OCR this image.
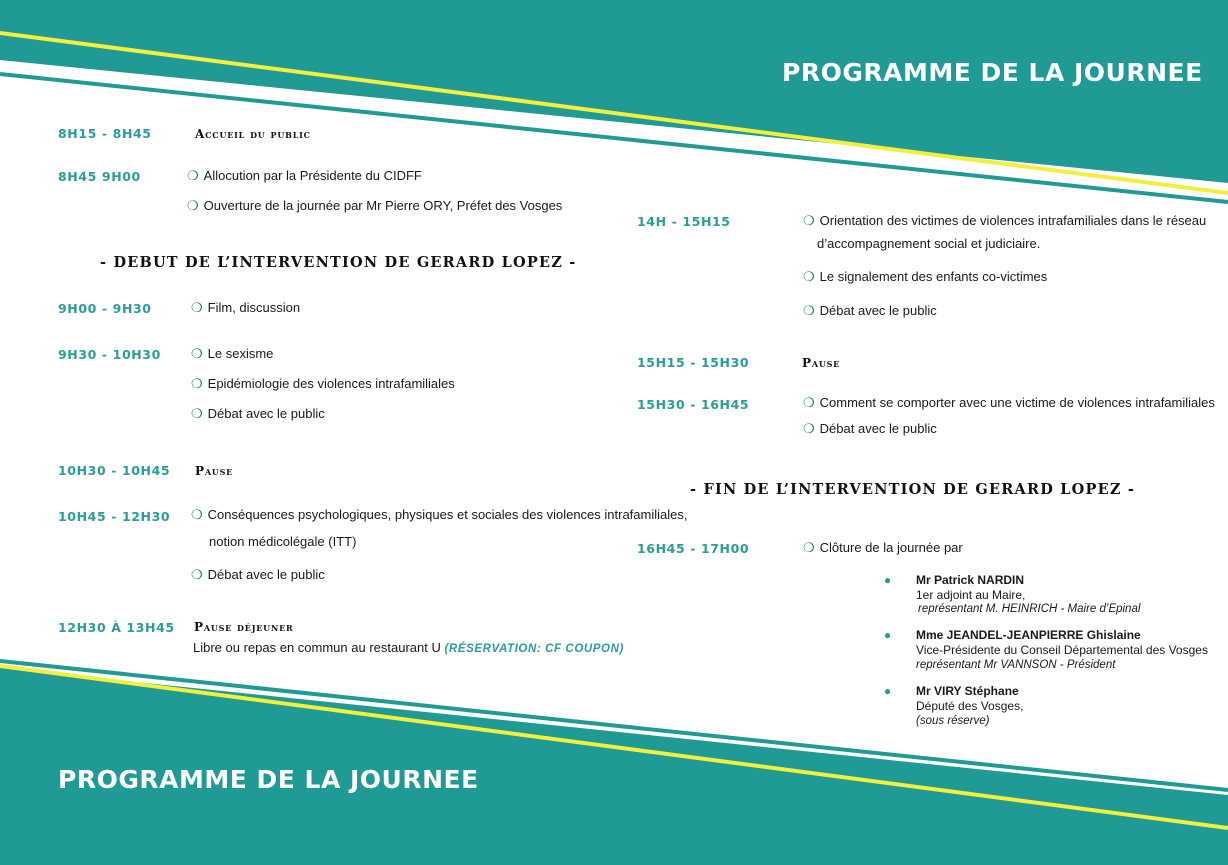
PROGRAMME DE LA JOURNEE
PROGRAMME DE LA JOURNEE
8H15 - 8H45	Accueil du public
8H45 9H00 ❍	Allocution par la Présidente du CIDFF
❍ Ouverture de la journée par Mr Pierre ORY, Préfet des Vosges
- DEBUT DE L’INTERVENTION DE GERARD LOPEZ -
9H00 - 9H30 ❍	Film, discussion
9H30 - 10H30 ❍	Le sexisme
❍ Epidémiologie des violences intrafamiliales
❍ Débat avec le public
10H30 - 10H45 Pause
10H45 - 12H30 ❍	Conséquences psychologiques, physiques et sociales des violences intrafamiliales,
notion médicolégale (ITT)
❍ Débat avec le public
12H30 À 13H45 Pause déjeuner
Libre ou repas en commun au restaurant U (RÉSERVATION: CF COUPON)
14H - 15H15 ❍	Orientation des victimes de violences intrafamiliales dans le réseau
d’accompagnement social et judiciaire.
❍ Le signalement des enfants co-victimes
❍ Débat avec le public
15H15 - 15H30	Pause
15H30 - 16H45 ❍	Comment se comporter avec une victime de violences intrafamiliales
❍ Débat avec le public
- FIN DE L’INTERVENTION DE GERARD LOPEZ -
16H45 - 17H00 ❍	Clôture de la journée par
● Mr Patrick NARDIN
1er adjoint au Maire,
représentant M. HEINRICH - Maire d’Epinal
● Mme JEANDEL-JEANPIERRE Ghislaine
Vice-Présidente du Conseil Départemental des Vosges
représentant Mr VANNSON - Président
● Mr VIRY Stéphane
Député des Vosges,
(sous réserve)
